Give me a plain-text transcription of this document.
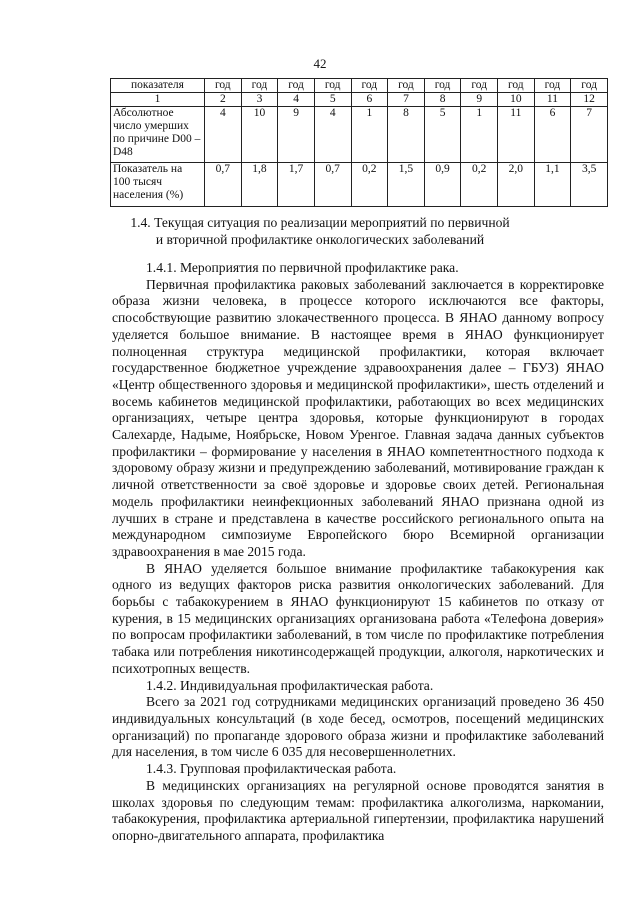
42
показателя	год	год	год	год	год	год	год	год	год	год	год
1	2	3	4	5	6	7	8	9	10	11	12
Абсолютное число умерших по причине D00 – D48	4	10	9	4	1	8	5	1	11	6	7
Показатель на 100 тысяч населения (%)	0,7	1,8	1,7	0,7	0,2	1,5	0,9	0,2	2,0	1,1	3,5
1.4. Текущая ситуация по реализации мероприятий по первичной
и вторичной профилактике онкологических заболеваний

1.4.1. Мероприятия по первичной профилактике рака.

Первичная профилактика раковых заболеваний заключается в корректировке образа жизни человека, в процессе которого исключаются все факторы, способствующие развитию злокачественного процесса. В ЯНАО данному вопросу уделяется большое внимание. В настоящее время в ЯНАО функционирует полноценная структура медицинской профилактики, которая включает государственное бюджетное учреждение здравоохранения далее – ГБУЗ) ЯНАО «Центр общественного здоровья и медицинской профилактики», шесть отделений и восемь кабинетов медицинской профилактики, работающих во всех медицинских организациях, четыре центра здоровья, которые функционируют в городах Салехарде, Надыме, Ноябрьске, Новом Уренгое. Главная задача данных субъектов профилактики – формирование у населения в ЯНАО компетентностного подхода к здоровому образу жизни и предупреждению заболеваний, мотивирование граждан к личной ответственности за своё здоровье и здоровье своих детей. Региональная модель профилактики неинфекционных заболеваний ЯНАО признана одной из лучших в стране и представлена в качестве российского регионального опыта на международном симпозиуме Европейского бюро Всемирной организации здравоохранения в мае 2015 года.

В ЯНАО уделяется большое внимание профилактике табакокурения как одного из ведущих факторов риска развития онкологических заболеваний. Для борьбы с табакокурением в ЯНАО функционируют 15 кабинетов по отказу от курения, в 15 медицинских организациях организована работа «Телефона доверия» по вопросам профилактики заболеваний, в том числе по профилактике потребления табака или потребления никотинсодержащей продукции, алкоголя, наркотических и психотропных веществ.

1.4.2. Индивидуальная профилактическая работа.

Всего за 2021 год сотрудниками медицинских организаций проведено 36 450 индивидуальных консультаций (в ходе бесед, осмотров, посещений медицинских организаций) по пропаганде здорового образа жизни и профилактике заболеваний для населения, в том числе 6 035 для несовершеннолетних.

1.4.3. Групповая профилактическая работа.

В медицинских организациях на регулярной основе проводятся занятия в школах здоровья по следующим темам: профилактика алкоголизма, наркомании, табакокурения, профилактика артериальной гипертензии, профилактика нарушений опорно-двигательного аппарата, профилактика
